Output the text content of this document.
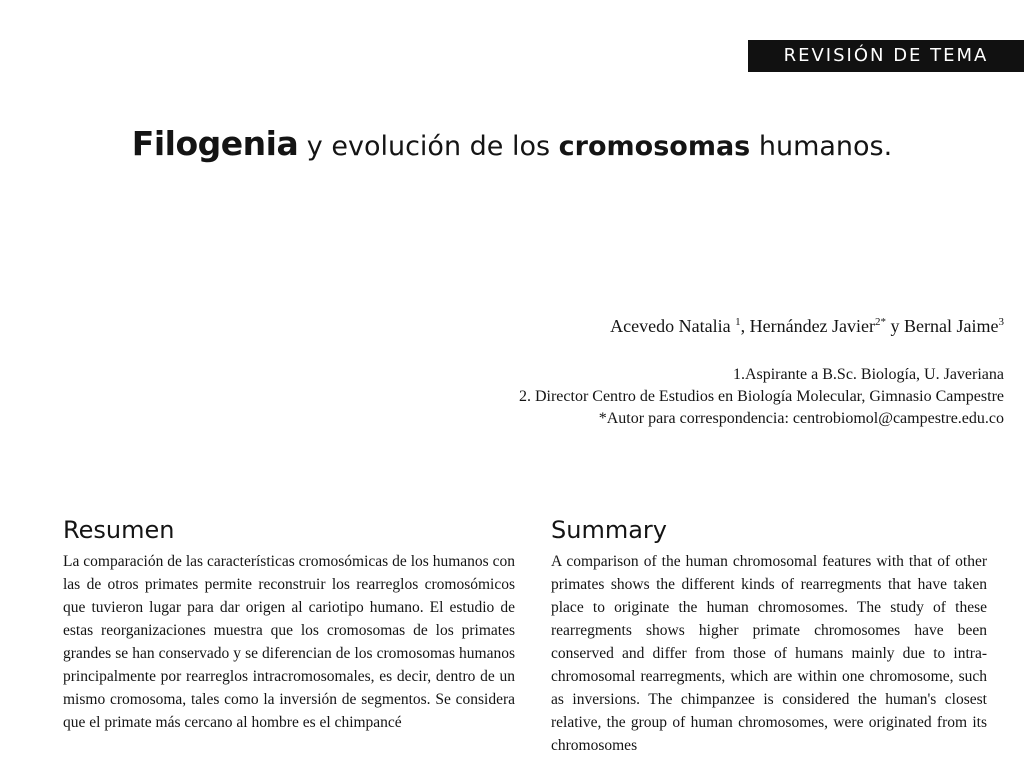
REVISIÓN DE TEMA
Filogenia y evolución de los cromosomas humanos.
Acevedo Natalia $^1$, Hernández Javier$^{2*}$ y Bernal Jaime$^3$
1.Aspirante a B.Sc. Biología, U. Javeriana
2. Director Centro de Estudios en Biología Molecular, Gimnasio Campestre
*Autor para correspondencia: centrobiomol@campestre.edu.co
Resumen

La comparación de las características cromosómicas de los humanos con las de otros primates permite reconstruir los rearreglos cromosómicos que tuvieron lugar para dar origen al cariotipo humano. El estudio de estas reorganizaciones muestra que los cromosomas de los primates grandes se han conservado y se diferencian de los cromosomas humanos principalmente por rearreglos intracromosomales, es decir, dentro de un mismo cromosoma, tales como la inversión de segmentos. Se considera que el primate más cercano al hombre es el chimpancé

Summary

A comparison of the human chromosomal features with that of other primates shows the different kinds of rearregments that have taken place to originate the human chromosomes. The study of these rearregments shows higher primate chromosomes have been conserved and differ from those of humans mainly due to intra-chromosomal rearregments, which are within one chromosome, such as inversions. The chimpanzee is considered the human's closest relative, the group of human chromosomes, were originated from its chromosomes
